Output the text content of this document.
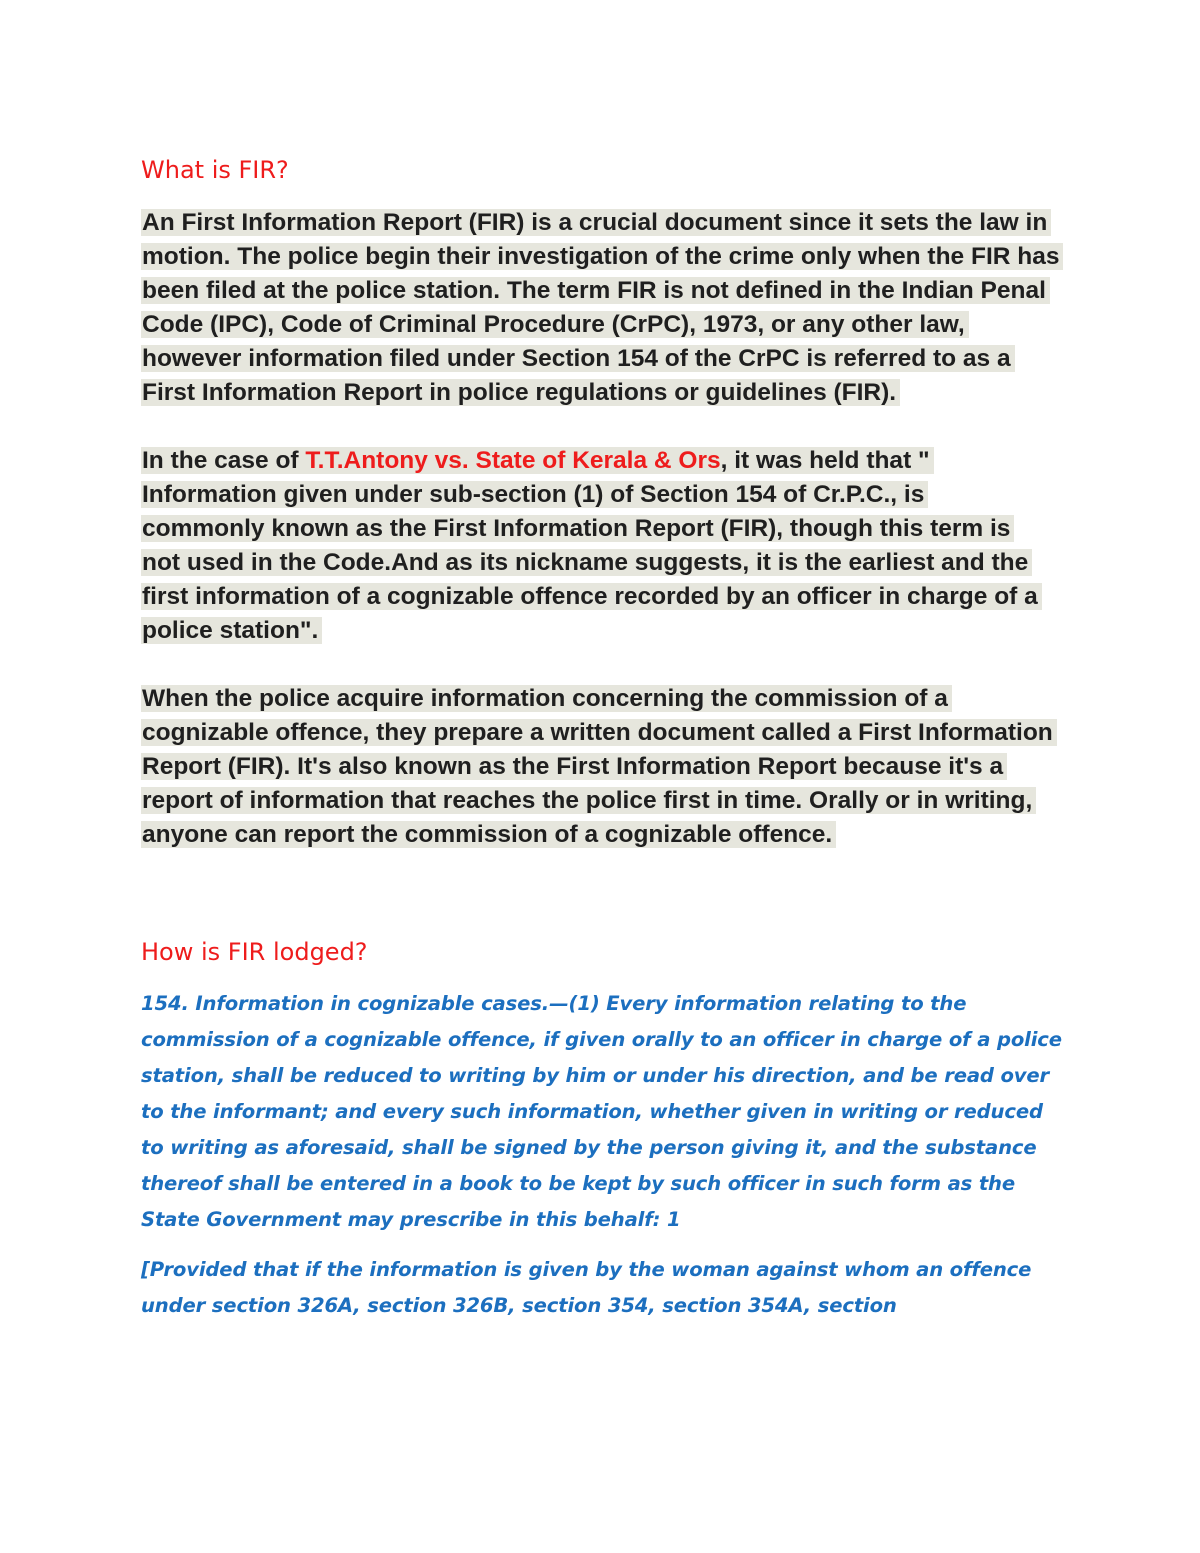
What is FIR?

An First Information Report (FIR) is a crucial document since it sets the law in motion. The police begin their investigation of the crime only when the FIR has been filed at the police station. The term FIR is not defined in the Indian Penal Code (IPC), Code of Criminal Procedure (CrPC), 1973, or any other law, however information filed under Section 154 of the CrPC is referred to as a First Information Report in police regulations or guidelines (FIR).

In the case of T.T.Antony vs. State of Kerala & Ors, it was held that " Information given under sub-section (1) of Section 154 of Cr.P.C., is commonly known as the First Information Report (FIR), though this term is not used in the Code.And as its nickname suggests, it is the earliest and the first information of a cognizable offence recorded by an officer in charge of a police station".

When the police acquire information concerning the commission of a cognizable offence, they prepare a written document called a First Information Report (FIR). It's also known as the First Information Report because it's a report of information that reaches the police first in time. Orally or in writing, anyone can report the commission of a cognizable offence.

How is FIR lodged?

154. Information in cognizable cases.—(1) Every information relating to the commission of a cognizable offence, if given orally to an officer in charge of a police station, shall be reduced to writing by him or under his direction, and be read over to the informant; and every such information, whether given in writing or reduced to writing as aforesaid, shall be signed by the person giving it, and the substance thereof shall be entered in a book to be kept by such officer in such form as the State Government may prescribe in this behalf: 1

[Provided that if the information is given by the woman against whom an offence under section 326A, section 326B, section 354, section 354A, section
